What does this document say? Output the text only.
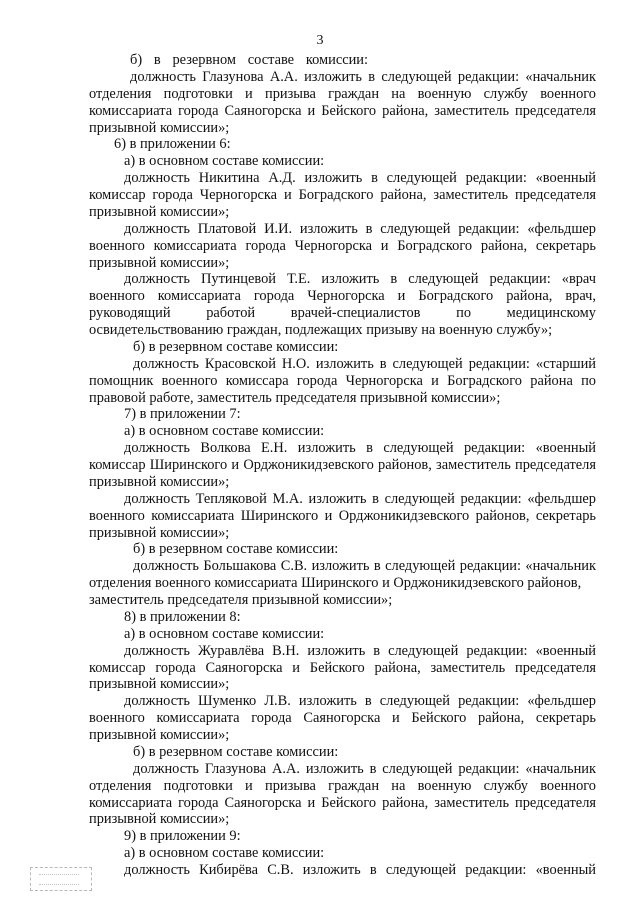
3
б) в резервном составе комиссии:
должность Глазунова А.А. изложить в следующей редакции: «начальник
отделения подготовки и призыва граждан на военную службу военного
комиссариата города Саяногорска и Бейского района, заместитель председателя
призывной комиссии»;
6) в приложении 6:
а) в основном составе комиссии:
должность Никитина А.Д. изложить в следующей редакции: «военный
комиссар города Черногорска и Боградского района, заместитель председателя
призывной комиссии»;
должность Платовой И.И. изложить в следующей редакции: «фельдшер
военного комиссариата города Черногорска и Боградского района, секретарь
призывной комиссии»;
должность Путинцевой Т.Е. изложить в следующей редакции: «врач
военного комиссариата города Черногорска и Боградского района, врач,
руководящий работой врачей-специалистов по медицинскому
освидетельствованию граждан, подлежащих призыву на военную службу»;
б) в резервном составе комиссии:
должность Красовской Н.О. изложить в следующей редакции: «старший
помощник военного комиссара города Черногорска и Боградского района по
правовой работе, заместитель председателя призывной комиссии»;
7) в приложении 7:
а) в основном составе комиссии:
должность Волкова Е.Н. изложить в следующей редакции: «военный
комиссар Ширинского и Орджоникидзевского районов, заместитель председателя
призывной комиссии»;
должность Тепляковой М.А. изложить в следующей редакции: «фельдшер
военного комиссариата Ширинского и Орджоникидзевского районов, секретарь
призывной комиссии»;
б) в резервном составе комиссии:
должность Большакова С.В. изложить в следующей редакции: «начальник
отделения военного комиссариата Ширинского и Орджоникидзевского районов,
заместитель председателя призывной комиссии»;
8) в приложении 8:
а) в основном составе комиссии:
должность Журавлёва В.Н. изложить в следующей редакции: «военный
комиссар города Саяногорска и Бейского района, заместитель председателя
призывной комиссии»;
должность Шуменко Л.В. изложить в следующей редакции: «фельдшер
военного комиссариата города Саяногорска и Бейского района, секретарь
призывной комиссии»;
б) в резервном составе комиссии:
должность Глазунова А.А. изложить в следующей редакции: «начальник
отделения подготовки и призыва граждан на военную службу военного
комиссариата города Саяногорска и Бейского района, заместитель председателя
призывной комиссии»;
9) в приложении 9:
а) в основном составе комиссии:
должность Кибирёва С.В. изложить в следующей редакции: «военный
